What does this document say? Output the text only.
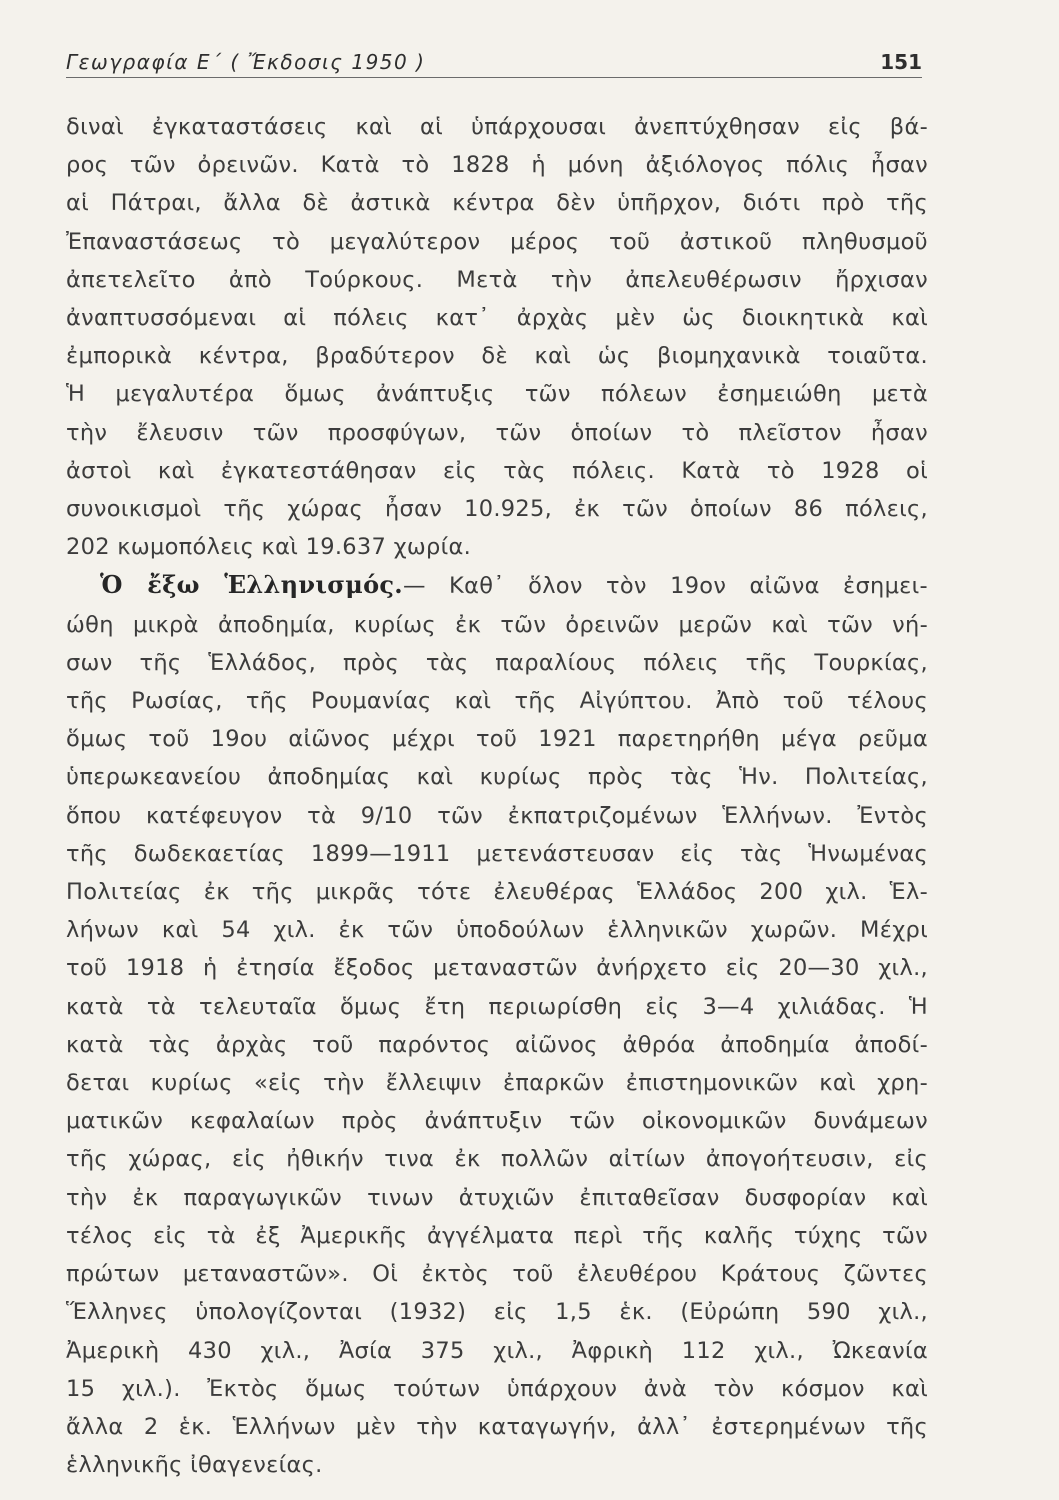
Γεωγραφία Ε΄ ( Ἔκδοσις 1950 )	151
διναὶ ἐγκαταστάσεις καὶ αἱ ὑπάρχουσαι ἀνεπτύχθησαν εἰς βά-
ρος τῶν ὀρεινῶν. Κατὰ τὸ 1828 ἡ μόνη ἀξιόλογος πόλις ἦσαν
αἱ Πάτραι, ἄλλα δὲ ἀστικὰ κέντρα δὲν ὑπῆρχον, διότι πρὸ τῆς
Ἐπαναστάσεως τὸ μεγαλύτερον μέρος τοῦ ἀστικοῦ πληθυσμοῦ
ἀπετελεῖτο ἀπὸ Τούρκους. Μετὰ τὴν ἀπελευθέρωσιν ἤρχισαν
ἀναπτυσσόμεναι αἱ πόλεις κατ᾽ ἀρχὰς μὲν ὡς διοικητικὰ καὶ
ἐμπορικὰ κέντρα, βραδύτερον δὲ καὶ ὡς βιομηχανικὰ τοιαῦτα.
Ἡ μεγαλυτέρα ὅμως ἀνάπτυξις τῶν πόλεων ἐσημειώθη μετὰ
τὴν ἔλευσιν τῶν προσφύγων, τῶν ὁποίων τὸ πλεῖστον ἦσαν
ἀστοὶ καὶ ἐγκατεστάθησαν εἰς τὰς πόλεις. Κατὰ τὸ 1928 οἱ
συνοικισμοὶ τῆς χώρας ἦσαν 10.925, ἐκ τῶν ὁποίων 86 πόλεις,
202 κωμοπόλεις καὶ 19.637 χωρία.
Ὁ ἔξω Ἑλληνισμός.— Καθ᾽ ὅλον τὸν 19ον αἰῶνα ἐσημει-
ώθη μικρὰ ἀποδημία, κυρίως ἐκ τῶν ὀρεινῶν μερῶν καὶ τῶν νή-
σων τῆς Ἑλλάδος, πρὸς τὰς παραλίους πόλεις τῆς Τουρκίας,
τῆς Ρωσίας, τῆς Ρουμανίας καὶ τῆς Αἰγύπτου. Ἀπὸ τοῦ τέλους
ὅμως τοῦ 19ου αἰῶνος μέχρι τοῦ 1921 παρετηρήθη μέγα ρεῦμα
ὑπερωκεανείου ἀποδημίας καὶ κυρίως πρὸς τὰς Ἡν. Πολιτείας,
ὅπου κατέφευγον τὰ 9/10 τῶν ἐκπατριζομένων Ἑλλήνων. Ἐντὸς
τῆς δωδεκαετίας 1899—1911 μετενάστευσαν εἰς τὰς Ἡνωμένας
Πολιτείας ἐκ τῆς μικρᾶς τότε ἐλευθέρας Ἑλλάδος 200 χιλ. Ἑλ-
λήνων καὶ 54 χιλ. ἐκ τῶν ὑποδούλων ἑλληνικῶν χωρῶν. Μέχρι
τοῦ 1918 ἡ ἐτησία ἔξοδος μεταναστῶν ἀνήρχετο εἰς 20—30 χιλ.,
κατὰ τὰ τελευταῖα ὅμως ἔτη περιωρίσθη εἰς 3—4 χιλιάδας. Ἡ
κατὰ τὰς ἀρχὰς τοῦ παρόντος αἰῶνος ἀθρόα ἀποδημία ἀποδί-
δεται κυρίως «εἰς τὴν ἔλλειψιν ἐπαρκῶν ἐπιστημονικῶν καὶ χρη-
ματικῶν κεφαλαίων πρὸς ἀνάπτυξιν τῶν οἰκονομικῶν δυνάμεων
τῆς χώρας, εἰς ἠθικήν τινα ἐκ πολλῶν αἰτίων ἀπογοήτευσιν, εἰς
τὴν ἐκ παραγωγικῶν τινων ἀτυχιῶν ἐπιταθεῖσαν δυσφορίαν καὶ
τέλος εἰς τὰ ἐξ Ἀμερικῆς ἀγγέλματα περὶ τῆς καλῆς τύχης τῶν
πρώτων μεταναστῶν». Οἱ ἐκτὸς τοῦ ἐλευθέρου Κράτους ζῶντες
Ἕλληνες ὑπολογίζονται (1932) εἰς 1,5 ἑκ. (Εὐρώπη 590 χιλ.,
Ἀμερικὴ 430 χιλ., Ἀσία 375 χιλ., Ἀφρικὴ 112 χιλ., Ὠκεανία
15 χιλ.). Ἐκτὸς ὅμως τούτων ὑπάρχουν ἀνὰ τὸν κόσμον καὶ
ἄλλα 2 ἑκ. Ἑλλήνων μὲν τὴν καταγωγήν, ἀλλ᾽ ἐστερημένων τῆς
ἑλληνικῆς ἰθαγενείας.
